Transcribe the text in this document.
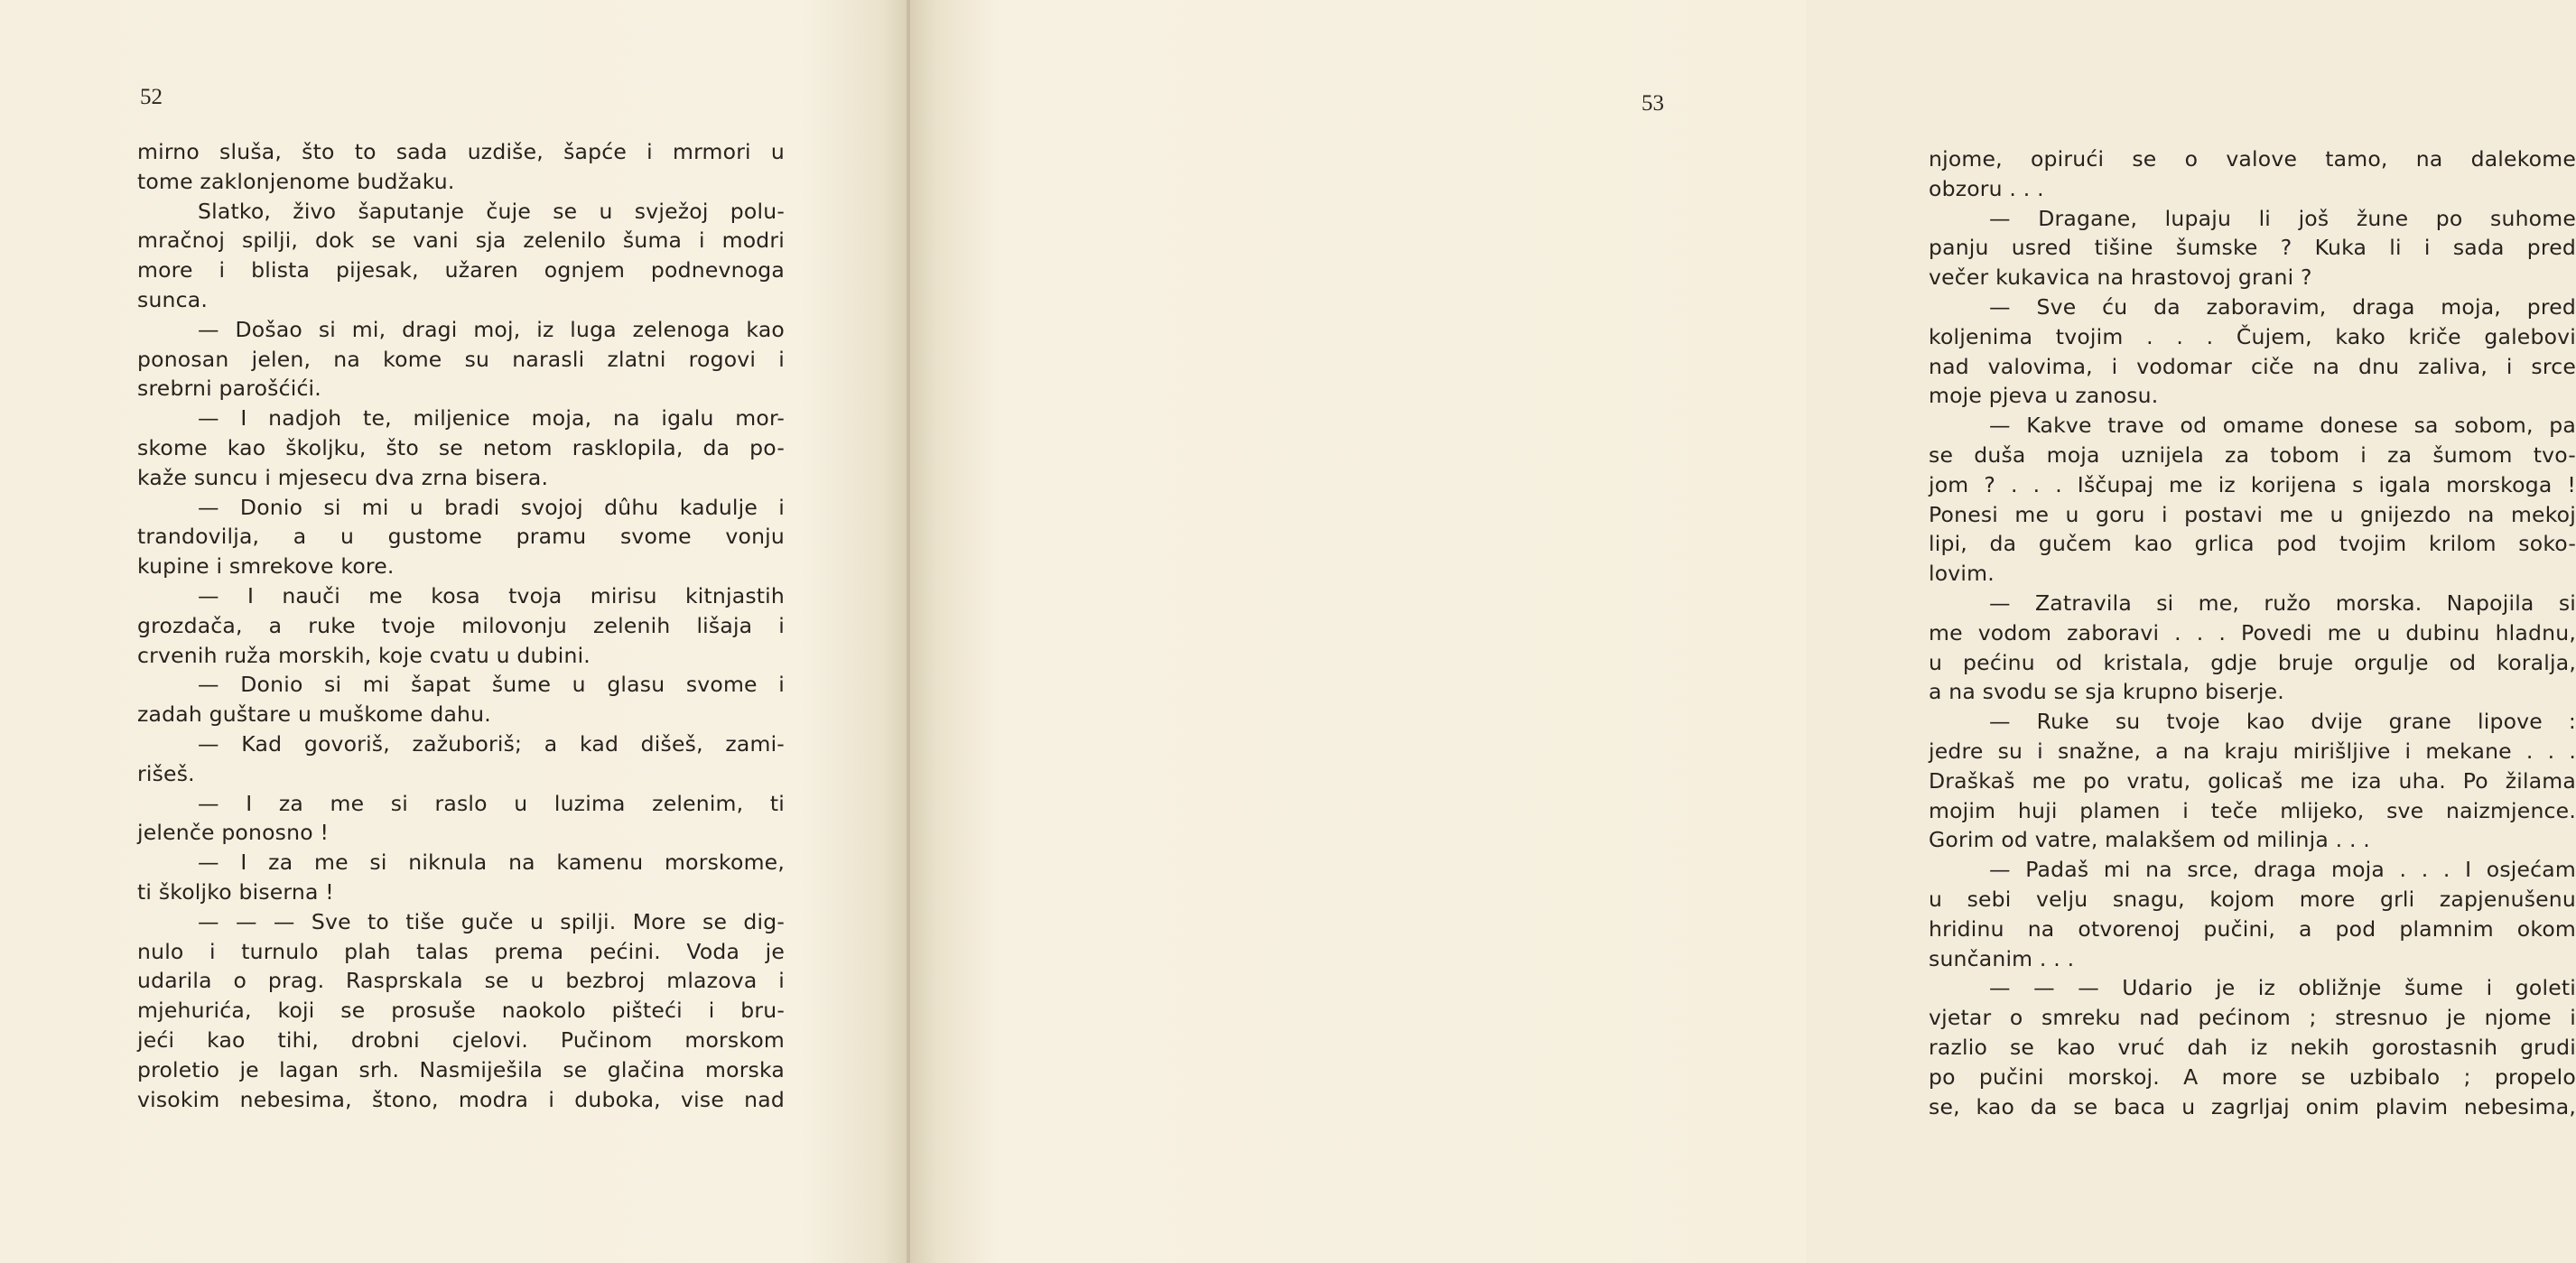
52
mirno sluša, što to sada uzdiše, šapće i mrmori u
tome zaklonjenome budžaku.
Slatko, živo šaputanje čuje se u svježoj polu-
mračnoj spilji, dok se vani sja zelenilo šuma i modri
more i blista pijesak, užaren ognjem podnevnoga
sunca.
— Došao si mi, dragi moj, iz luga zelenoga kao
ponosan jelen, na kome su narasli zlatni rogovi i
srebrni parošćići.
— I nadjoh te, miljenice moja, na igalu mor-
skome kao školjku, što se netom rasklopila, da po-
kaže suncu i mjesecu dva zrna bisera.
— Donio si mi u bradi svojoj dûhu kadulje i
trandovilja, a u gustome pramu svome vonju
kupine i smrekove kore.
— I nauči me kosa tvoja mirisu kitnjastih
grozdača, a ruke tvoje milovonju zelenih lišaja i
crvenih ruža morskih, koje cvatu u dubini.
— Donio si mi šapat šume u glasu svome i
zadah guštare u muškome dahu.
— Kad govoriš, zažuboriš; a kad dišeš, zami-
rišeš.
— I za me si raslo u luzima zelenim, ti
jelenče ponosno !
— I za me si niknula na kamenu morskome,
ti školjko biserna !
— — — Sve to tiše guče u spilji. More se dig-
nulo i turnulo plah talas prema pećini. Voda je
udarila o prag. Rasprskala se u bezbroj mlazova i
mjehurića, koji se prosuše naokolo pišteći i bru-
jeći kao tihi, drobni cjelovi. Pučinom morskom
proletio je lagan srh. Nasmiješila se glačina morska
visokim nebesima, štono, modra i duboka, vise nad
53
njome, opirući se o valove tamo, na dalekome
obzoru . . .
— Dragane, lupaju li još žune po suhome
panju usred tišine šumske ? Kuka li i sada pred
večer kukavica na hrastovoj grani ?
— Sve ću da zaboravim, draga moja, pred
koljenima tvojim . . . Čujem, kako kriče galebovi
nad valovima, i vodomar ciče na dnu zaliva, i srce
moje pjeva u zanosu.
— Kakve trave od omame donese sa sobom, pa
se duša moja uznijela za tobom i za šumom tvo-
jom ? . . . Iščupaj me iz korijena s igala morskoga !
Ponesi me u goru i postavi me u gnijezdo na mekoj
lipi, da gučem kao grlica pod tvojim krilom soko-
lovim.
— Zatravila si me, ružo morska. Napojila si
me vodom zaboravi . . . Povedi me u dubinu hladnu,
u pećinu od kristala, gdje bruje orgulje od koralja,
a na svodu se sja krupno biserje.
— Ruke su tvoje kao dvije grane lipove :
jedre su i snažne, a na kraju mirišljive i mekane . . .
Draškaš me po vratu, golicaš me iza uha. Po žilama
mojim huji plamen i teče mlijeko, sve naizmjence.
Gorim od vatre, malakšem od milinja . . .
— Padaš mi na srce, draga moja . . . I osjećam
u sebi velju snagu, kojom more grli zapjenušenu
hridinu na otvorenoj pučini, a pod plamnim okom
sunčanim . . .
— — — Udario je iz obližnje šume i goleti
vjetar o smreku nad pećinom ; stresnuo je njome i
razlio se kao vruć dah iz nekih gorostasnih grudi
po pučini morskoj. A more se uzbibalo ; propelo
se, kao da se baca u zagrljaj onim plavim nebesima,
